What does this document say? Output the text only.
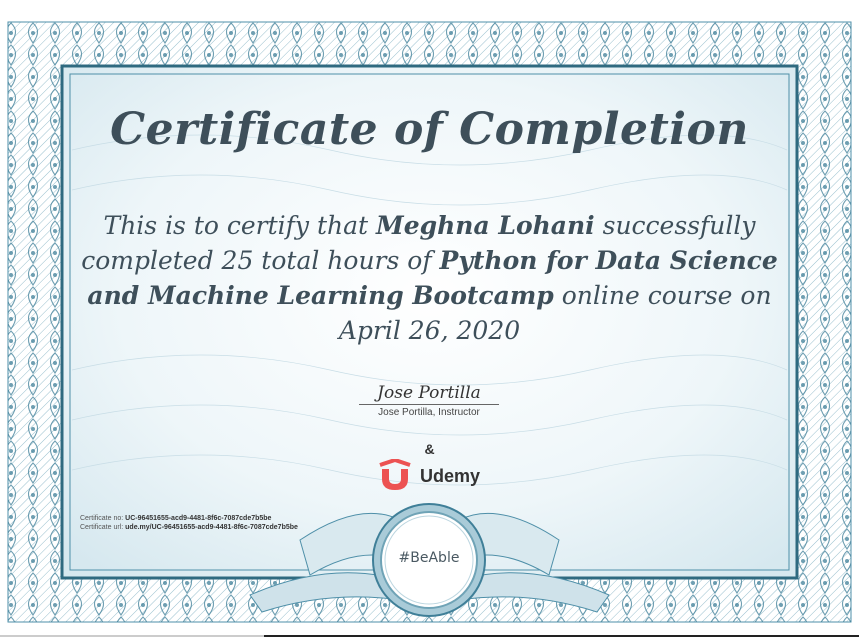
Certificate of Completion
This is to certify that Meghna Lohani successfully completed 25 total hours of Python for Data Science and Machine Learning Bootcamp online course on April 26, 2020
Jose Portilla
Jose Portilla, Instructor
&
Udemy
Certificate no: UC-96451655-acd9-4481-8f6c-7087cde7b5be
Certificate url: ude.my/UC-96451655-acd9-4481-8f6c-7087cde7b5be
#BeAble
